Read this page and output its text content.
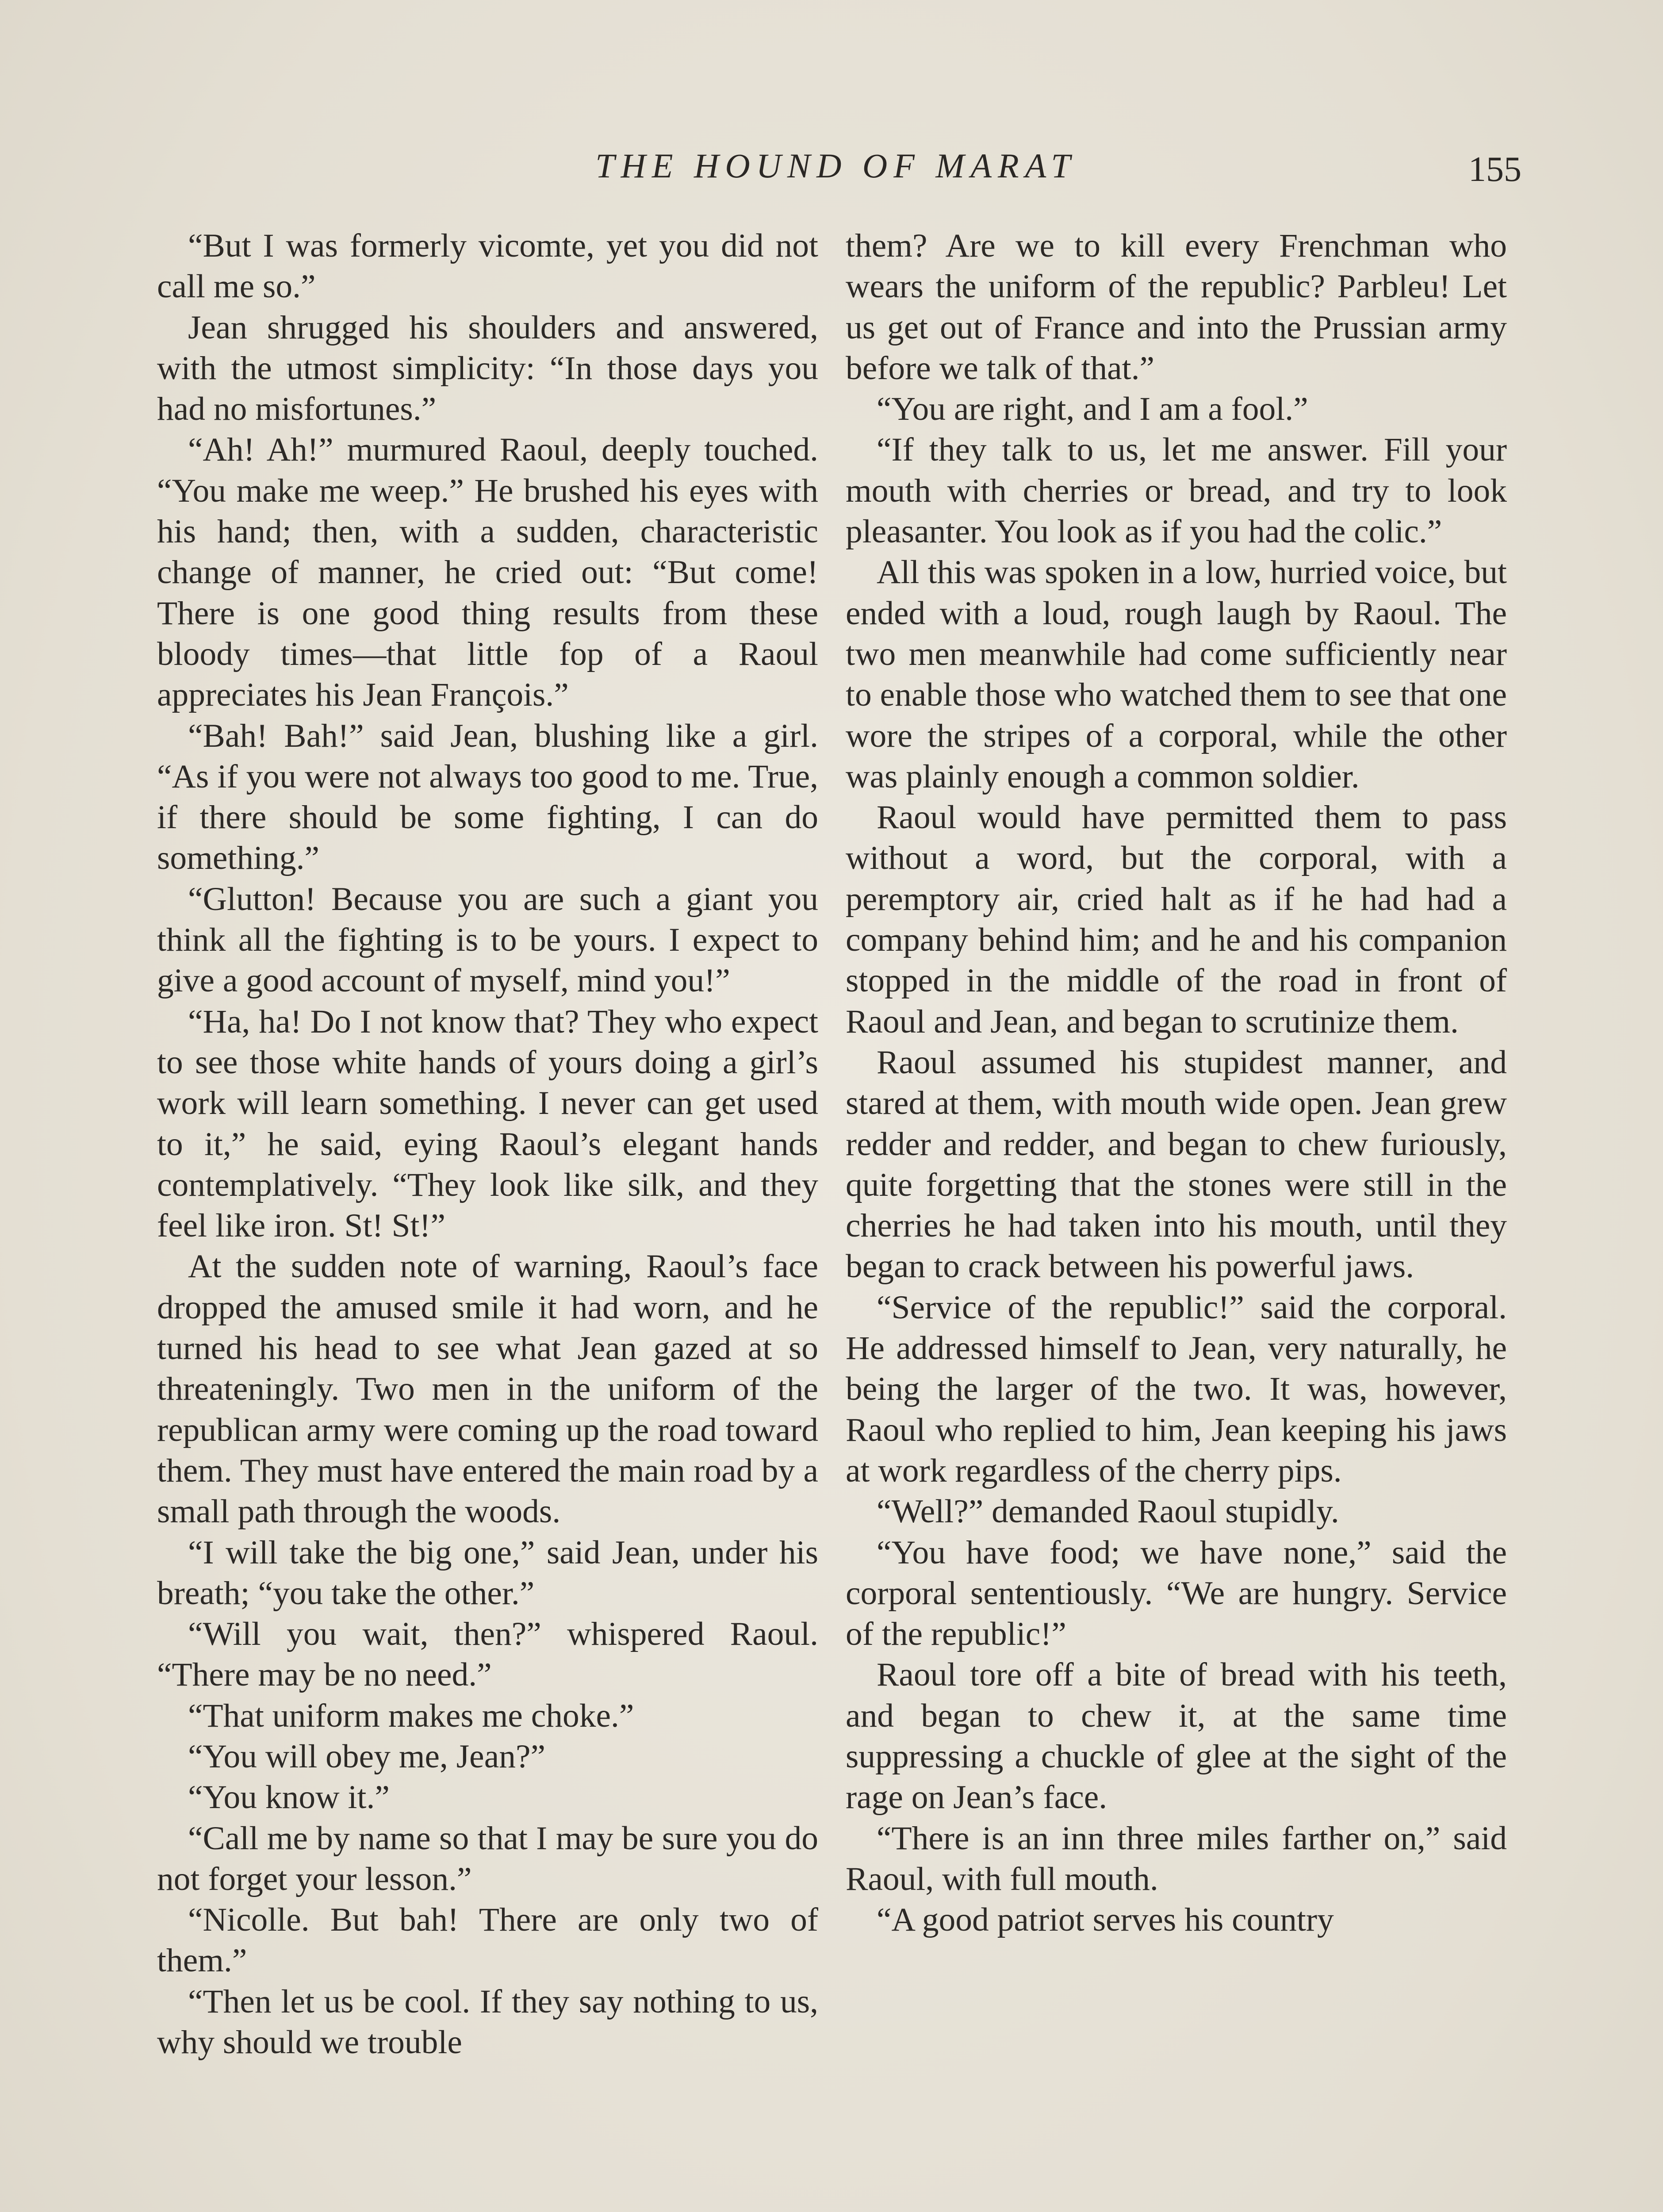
THE HOUND OF MARAT	155

“But I was formerly vicomte, yet you did not call me so.”

Jean shrugged his shoulders and answered, with the utmost simplicity: “In those days you had no misfortunes.”

“Ah! Ah!” murmured Raoul, deeply touched. “You make me weep.” He brushed his eyes with his hand; then, with a sudden, characteristic change of manner, he cried out: “But come! There is one good thing results from these bloody times—that little fop of a Raoul appreciates his Jean François.”

“Bah! Bah!” said Jean, blushing like a girl. “As if you were not always too good to me. True, if there should be some fighting, I can do something.”

“Glutton! Because you are such a giant you think all the fighting is to be yours. I expect to give a good account of myself, mind you!”

“Ha, ha! Do I not know that? They who expect to see those white hands of yours doing a girl’s work will learn something. I never can get used to it,” he said, eying Raoul’s elegant hands contemplatively. “They look like silk, and they feel like iron. St! St!”

At the sudden note of warning, Raoul’s face dropped the amused smile it had worn, and he turned his head to see what Jean gazed at so threateningly. Two men in the uniform of the republican army were coming up the road toward them. They must have entered the main road by a small path through the woods.

“I will take the big one,” said Jean, under his breath; “you take the other.”

“Will you wait, then?” whispered Raoul. “There may be no need.”

“That uniform makes me choke.”

“You will obey me, Jean?”

“You know it.”

“Call me by name so that I may be sure you do not forget your lesson.”

“Nicolle. But bah! There are only two of them.”

“Then let us be cool. If they say nothing to us, why should we trouble

them? Are we to kill every Frenchman who wears the uniform of the republic? Parbleu! Let us get out of France and into the Prussian army before we talk of that.”

“You are right, and I am a fool.”

“If they talk to us, let me answer. Fill your mouth with cherries or bread, and try to look pleasanter. You look as if you had the colic.”

All this was spoken in a low, hurried voice, but ended with a loud, rough laugh by Raoul. The two men meanwhile had come sufficiently near to enable those who watched them to see that one wore the stripes of a corporal, while the other was plainly enough a common soldier.

Raoul would have permitted them to pass without a word, but the corporal, with a peremptory air, cried halt as if he had had a company behind him; and he and his companion stopped in the middle of the road in front of Raoul and Jean, and began to scrutinize them.

Raoul assumed his stupidest manner, and stared at them, with mouth wide open. Jean grew redder and redder, and began to chew furiously, quite forgetting that the stones were still in the cherries he had taken into his mouth, until they began to crack between his powerful jaws.

“Service of the republic!” said the corporal. He addressed himself to Jean, very naturally, he being the larger of the two. It was, however, Raoul who replied to him, Jean keeping his jaws at work regardless of the cherry pips.

“Well?” demanded Raoul stupidly.

“You have food; we have none,” said the corporal sententiously. “We are hungry. Service of the republic!”

Raoul tore off a bite of bread with his teeth, and began to chew it, at the same time suppressing a chuckle of glee at the sight of the rage on Jean’s face.

“There is an inn three miles farther on,” said Raoul, with full mouth.

“A good patriot serves his country
